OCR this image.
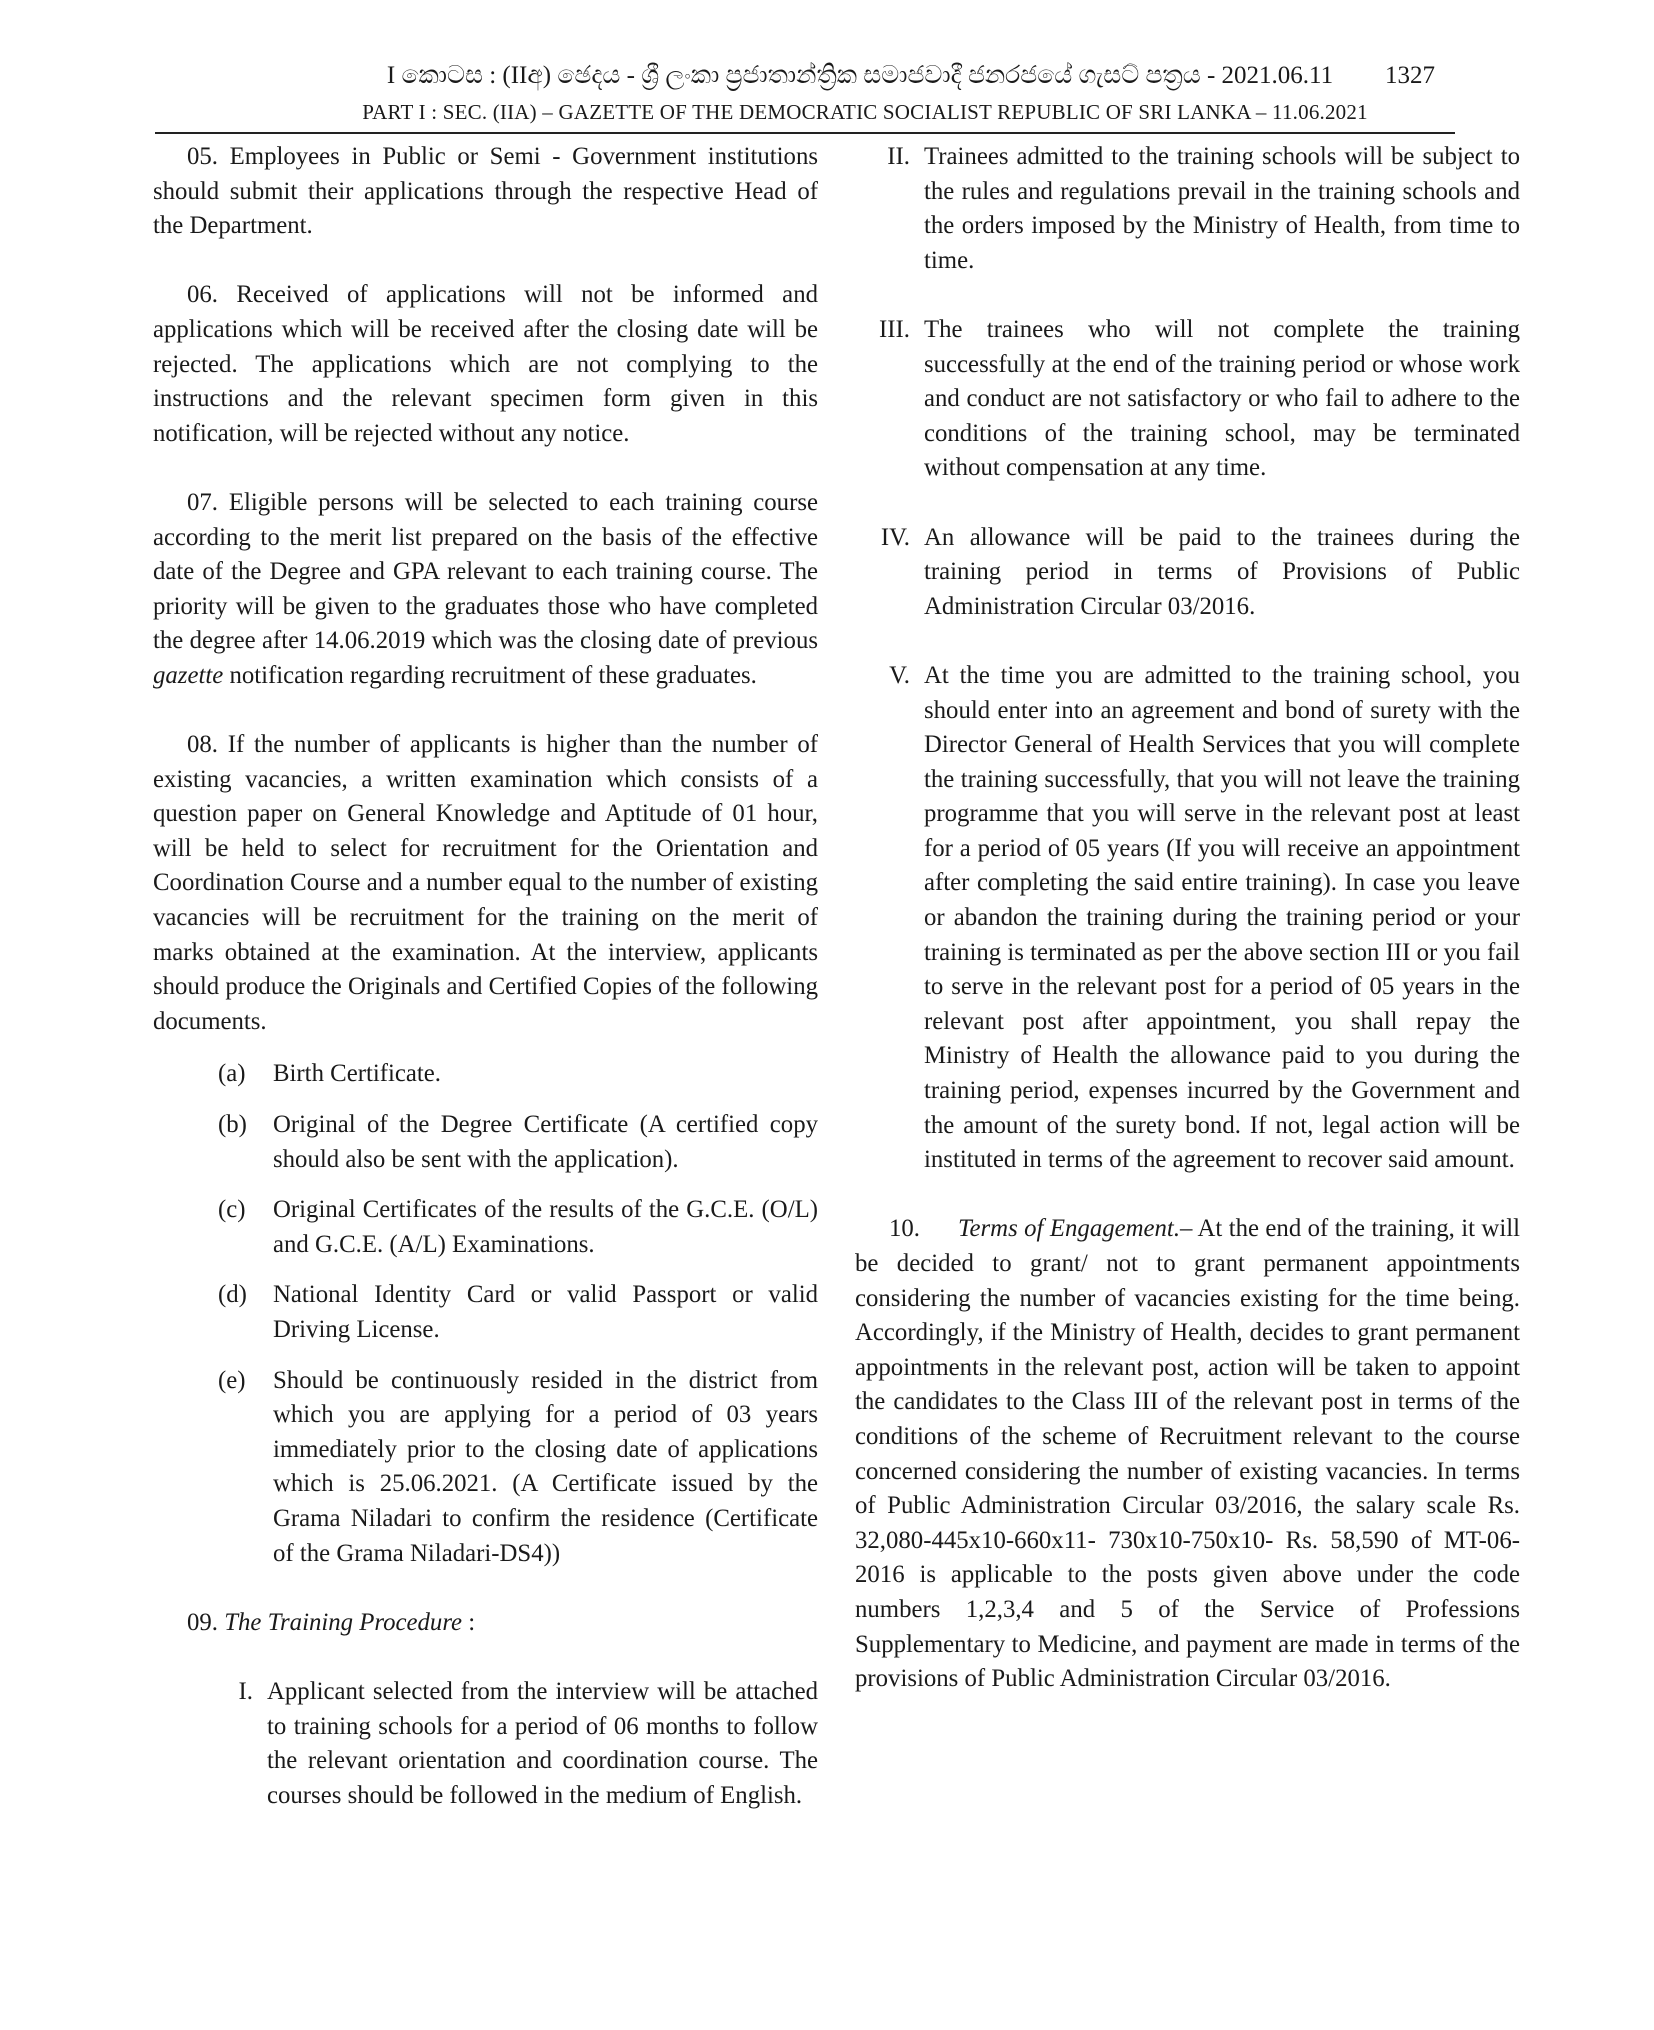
I කොටස : (IIඅ) ඡෙදය - ශ්‍රී ලංකා ප්‍රජාතාන්ත්‍රික සමාජවාදී ජනරජයේ ගැසට් පත්‍රය - 2021.06.11	1327
PART I : SEC. (IIA) – GAZETTE OF THE DEMOCRATIC SOCIALIST REPUBLIC OF SRI LANKA – 11.06.2021

05. Employees in Public or Semi - Government institutions should submit their applications through the respective Head of the Department.

06. Received of applications will not be informed and applications which will be received after the closing date will be rejected. The applications which are not complying to the instructions and the relevant specimen form given in this notification, will be rejected without any notice.

07. Eligible persons will be selected to each training course according to the merit list prepared on the basis of the effective date of the Degree and GPA relevant to each training course. The priority will be given to the graduates those who have completed the degree after 14.06.2019 which was the closing date of previous gazette notification regarding recruitment of these graduates.

08. If the number of applicants is higher than the number of existing vacancies, a written examination which consists of a question paper on General Knowledge and Aptitude of 01 hour, will be held to select for recruitment for the Orientation and Coordination Course and a number equal to the number of existing vacancies will be recruitment for the training on the merit of marks obtained at the examination. At the interview, applicants should produce the Originals and Certified Copies of the following documents.

(a)	Birth Certificate.
(b)	Original of the Degree Certificate (A certified copy should also be sent with the application).
(c)	Original Certificates of the results of the G.C.E. (O/L) and G.C.E. (A/L) Examinations.
(d)	National Identity Card or valid Passport or valid Driving License.
(e)	Should be continuously resided in the district from which you are applying for a period of 03 years immediately prior to the closing date of applications which is 25.06.2021. (A Certificate issued by the Grama Niladari to confirm the residence (Certificate of the Grama Niladari-DS4))
09. The Training Procedure :
I. Applicant selected from the interview will be attached to training schools for a period of 06 months to follow the relevant orientation and coordination course. The courses should be followed in the medium of English.
II. Trainees admitted to the training schools will be subject to the rules and regulations prevail in the training schools and the orders imposed by the Ministry of Health, from time to time.
III. The trainees who will not complete the training successfully at the end of the training period or whose work and conduct are not satisfactory or who fail to adhere to the conditions of the training school, may be terminated without compensation at any time.
IV. An allowance will be paid to the trainees during the training period in terms of Provisions of Public Administration Circular 03/2016.
V. At the time you are admitted to the training school, you should enter into an agreement and bond of surety with the Director General of Health Services that you will complete the training successfully, that you will not leave the training programme that you will serve in the relevant post at least for a period of 05 years (If you will receive an appointment after completing the said entire training). In case you leave or abandon the training during the training period or your training is terminated as per the above section III or you fail to serve in the relevant post for a period of 05 years in the relevant post after appointment, you shall repay the Ministry of Health the allowance paid to you during the training period, expenses incurred by the Government and the amount of the surety bond. If not, legal action will be instituted in terms of the agreement to recover said amount.

10. Terms of Engagement.– At the end of the training, it will be decided to grant/ not to grant permanent appointments considering the number of vacancies existing for the time being. Accordingly, if the Ministry of Health, decides to grant permanent appointments in the relevant post, action will be taken to appoint the candidates to the Class III of the relevant post in terms of the conditions of the scheme of Recruitment relevant to the course concerned considering the number of existing vacancies. In terms of Public Administration Circular 03/2016, the salary scale Rs. 32,080-445x10-660x11- 730x10-750x10- Rs. 58,590 of MT-06-2016 is applicable to the posts given above under the code numbers 1,2,3,4 and 5 of the Service of Professions Supplementary to Medicine, and payment are made in terms of the provisions of Public Administration Circular 03/2016.
